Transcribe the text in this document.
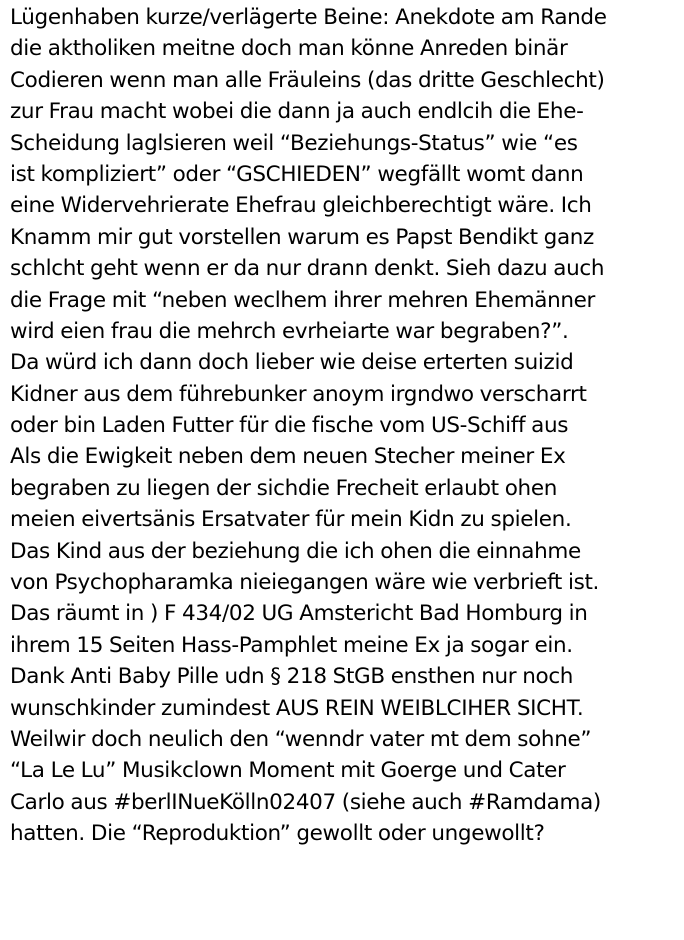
Lügenhaben kurze/verlägerte Beine: Anekdote am Rande
die aktholiken meitne doch man könne Anreden binär
Codieren wenn man alle Fräuleins (das dritte Geschlecht)
zur Frau macht wobei die dann ja auch endlcih die Ehe-
Scheidung laglsieren weil “Beziehungs-Status” wie “es
ist kompliziert” oder “GSCHIEDEN” wegfällt womt dann
eine Widervehrierate Ehefrau gleichberechtigt wäre. Ich
Knamm mir gut vorstellen warum es Papst Bendikt ganz
schlcht geht wenn er da nur drann denkt. Sieh dazu auch
die Frage mit “neben weclhem ihrer mehren Ehemänner
wird eien frau die mehrch evrheiarte war begraben?”.
Da würd ich dann doch lieber wie deise erterten suizid
Kidner aus dem führebunker anoym irgndwo verscharrt
oder bin Laden Futter für die fische vom US-Schiff aus
Als die Ewigkeit neben dem neuen Stecher meiner Ex
begraben zu liegen der sichdie Frecheit erlaubt ohen
meien eivertsänis Ersatvater für mein Kidn zu spielen.
Das Kind aus der beziehung die ich ohen die einnahme
von Psychopharamka nieiegangen wäre wie verbrieft ist.
Das räumt in ) F 434/02 UG Amstericht Bad Homburg in
ihrem 15 Seiten Hass-Pamphlet meine Ex ja sogar ein.
Dank Anti Baby Pille udn § 218 StGB ensthen nur noch
wunschkinder zumindest AUS REIN WEIBLCIHER SICHT.
Weilwir doch neulich den “wenndr vater mt dem sohne”
“La Le Lu” Musikclown Moment mit Goerge und Cater
Carlo aus #berlINueKölln02407 (siehe auch #Ramdama)
hatten. Die “Reproduktion” gewollt oder ungewollt?
